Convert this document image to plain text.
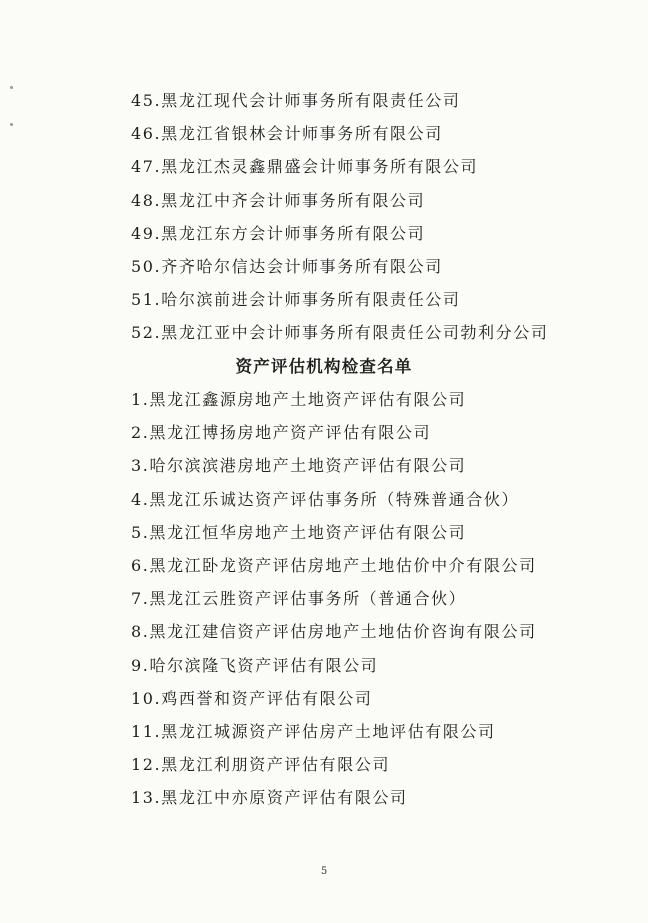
45.黑龙江现代会计师事务所有限责任公司
46.黑龙江省银林会计师事务所有限公司
47.黑龙江杰灵鑫鼎盛会计师事务所有限公司
48.黑龙江中齐会计师事务所有限公司
49.黑龙江东方会计师事务所有限公司
50.齐齐哈尔信达会计师事务所有限公司
51.哈尔滨前进会计师事务所有限责任公司
52.黑龙江亚中会计师事务所有限责任公司勃利分公司
资产评估机构检查名单
1.黑龙江鑫源房地产土地资产评估有限公司
2.黑龙江博扬房地产资产评估有限公司
3.哈尔滨滨港房地产土地资产评估有限公司
4.黑龙江乐诚达资产评估事务所（特殊普通合伙）
5.黑龙江恒华房地产土地资产评估有限公司
6.黑龙江卧龙资产评估房地产土地估价中介有限公司
7.黑龙江云胜资产评估事务所（普通合伙）
8.黑龙江建信资产评估房地产土地估价咨询有限公司
9.哈尔滨隆飞资产评估有限公司
10.鸡西誉和资产评估有限公司
11.黑龙江城源资产评估房产土地评估有限公司
12.黑龙江利朋资产评估有限公司
13.黑龙江中亦原资产评估有限公司
5
